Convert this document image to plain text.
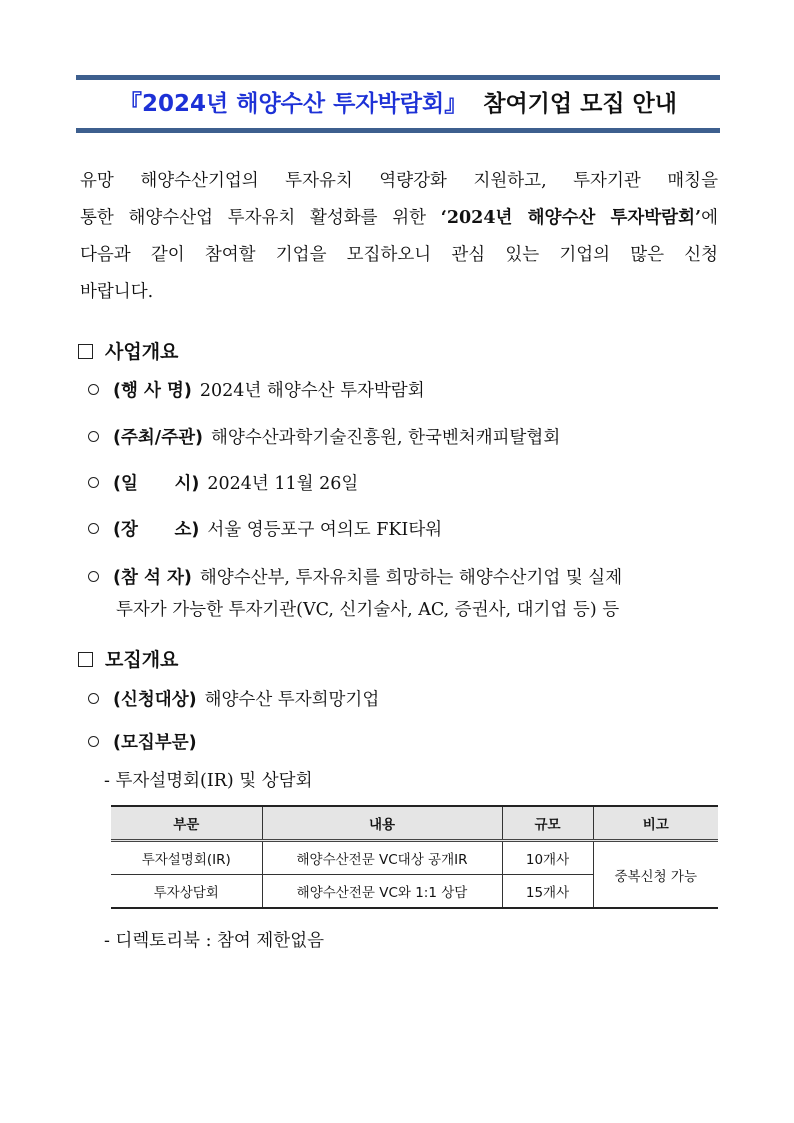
『2024년 해양수산 투자박람회』 참여기업 모집 안내
유망 해양수산기업의 투자유치 역량강화 지원하고, 투자기관 매칭을
통한 해양수산업 투자유치 활성화를 위한 ‘2024년 해양수산 투자박람회’에
다음과 같이 참여할 기업을 모집하오니 관심 있는 기업의 많은 신청
바랍니다.
사업개요
(행 사 명) 2024년 해양수산 투자박람회
(주최/주관) 해양수산과학기술진흥원, 한국벤처캐피탈협회
(일      시) 2024년 11월 26일
(장      소) 서울 영등포구 여의도 FKI타워
(참 석 자) 해양수산부, 투자유치를 희망하는 해양수산기업 및 실제
투자가 가능한 투자기관(VC, 신기술사, AC, 증권사, 대기업 등) 등
모집개요
(신청대상) 해양수산 투자희망기업
(모집부문)
- 투자설명회(IR) 및 상담회
부문	내용	규모	비고
투자설명회(IR)	해양수산전문 VC대상 공개IR	10개사	중복신청 가능
투자상담회	해양수산전문 VC와 1:1 상담	15개사	
- 디렉토리북 : 참여 제한없음
